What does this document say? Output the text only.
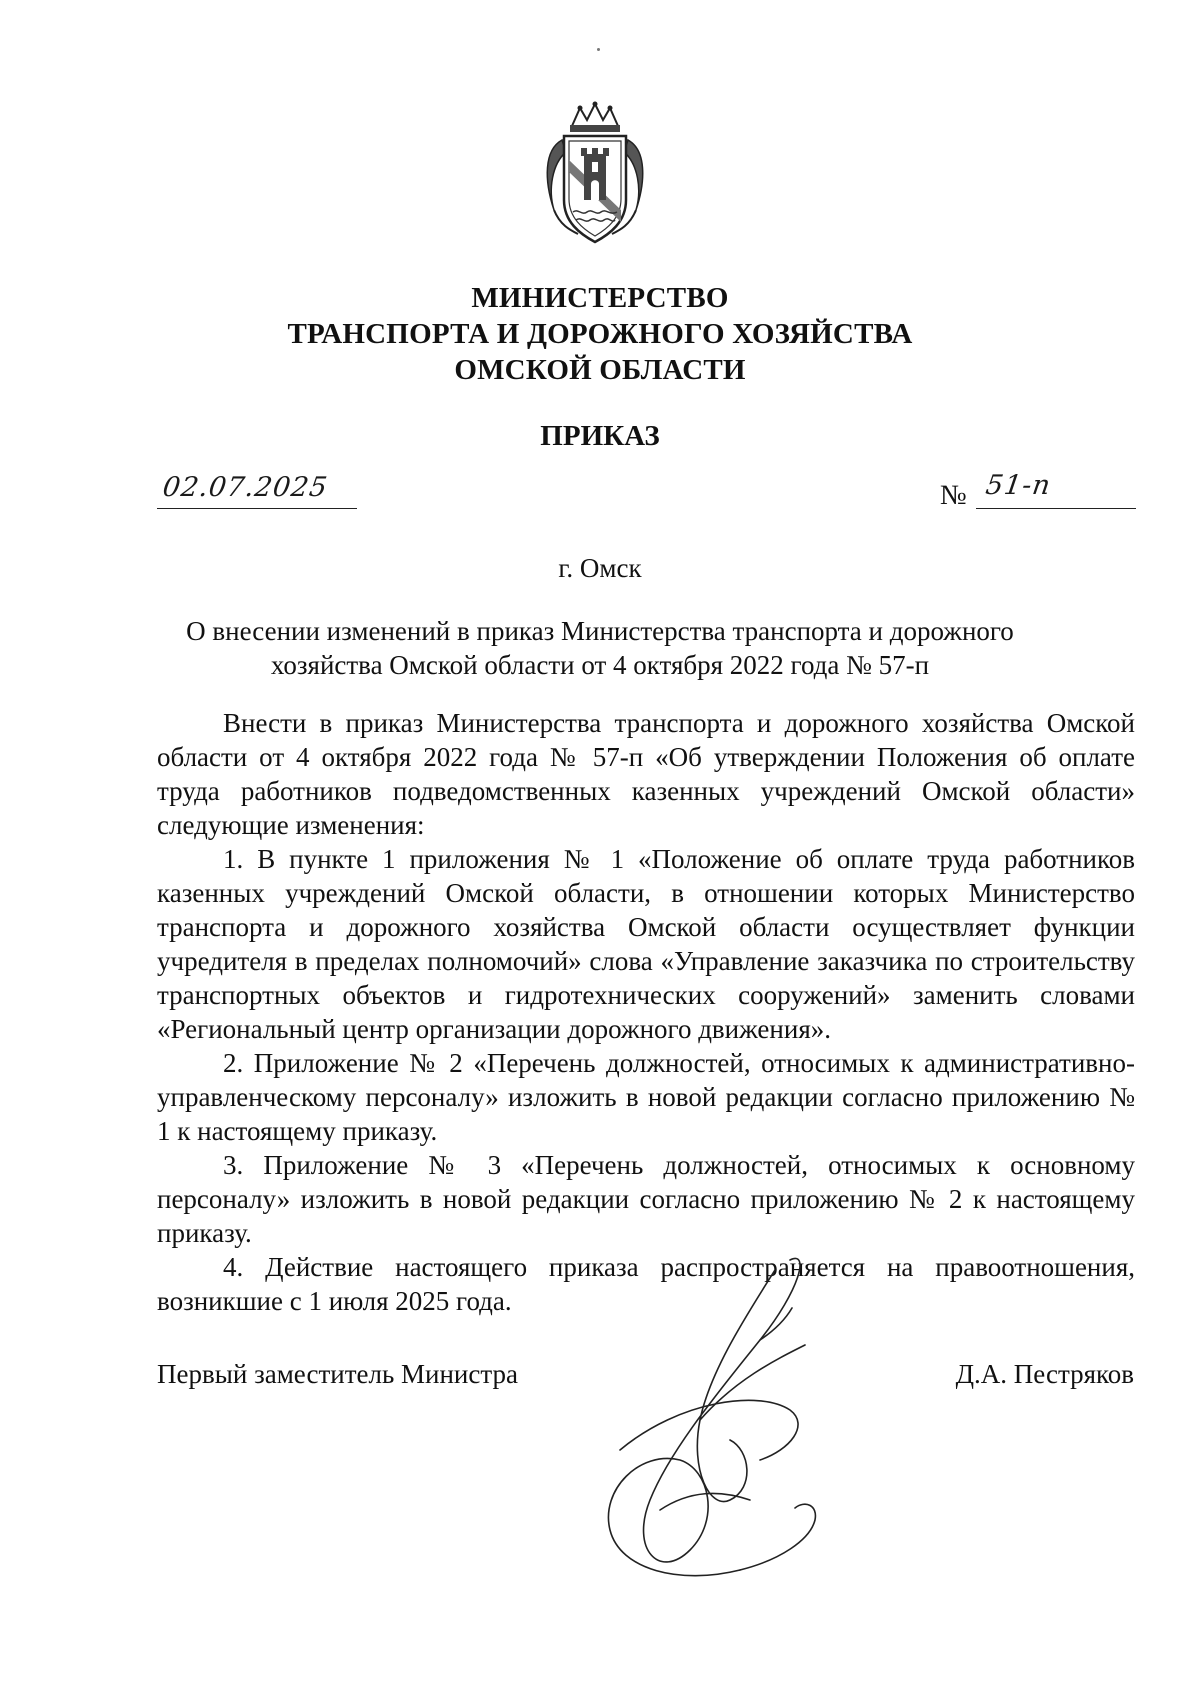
МИНИСТЕРСТВО
ТРАНСПОРТА И ДОРОЖНОГО ХОЗЯЙСТВА
ОМСКОЙ ОБЛАСТИ
ПРИКАЗ
02.07.2025	№ 51-п
г. Омск
О внесении изменений в приказ Министерства транспорта и дорожного хозяйства Омской области от 4 октября 2022 года № 57-п

Внести в приказ Министерства транспорта и дорожного хозяйства Омской области от 4 октября 2022 года № 57-п «Об утверждении Положения об оплате труда работников подведомственных казенных учреждений Омской области» следующие изменения:

1. В пункте 1 приложения № 1 «Положение об оплате труда работников казенных учреждений Омской области, в отношении которых Министерство транспорта и дорожного хозяйства Омской области осуществляет функции учредителя в пределах полномочий» слова «Управление заказчика по строительству транспортных объектов и гидротехнических сооружений» заменить словами «Региональный центр организации дорожного движения».

2. Приложение № 2 «Перечень должностей, относимых к административно-управленческому персоналу» изложить в новой редакции согласно приложению № 1 к настоящему приказу.

3. Приложение № 3 «Перечень должностей, относимых к основному персоналу» изложить в новой редакции согласно приложению № 2 к настоящему приказу.

4. Действие настоящего приказа распространяется на правоотношения, возникшие с 1 июля 2025 года.

Первый заместитель Министра	Д.А. Пестряков
